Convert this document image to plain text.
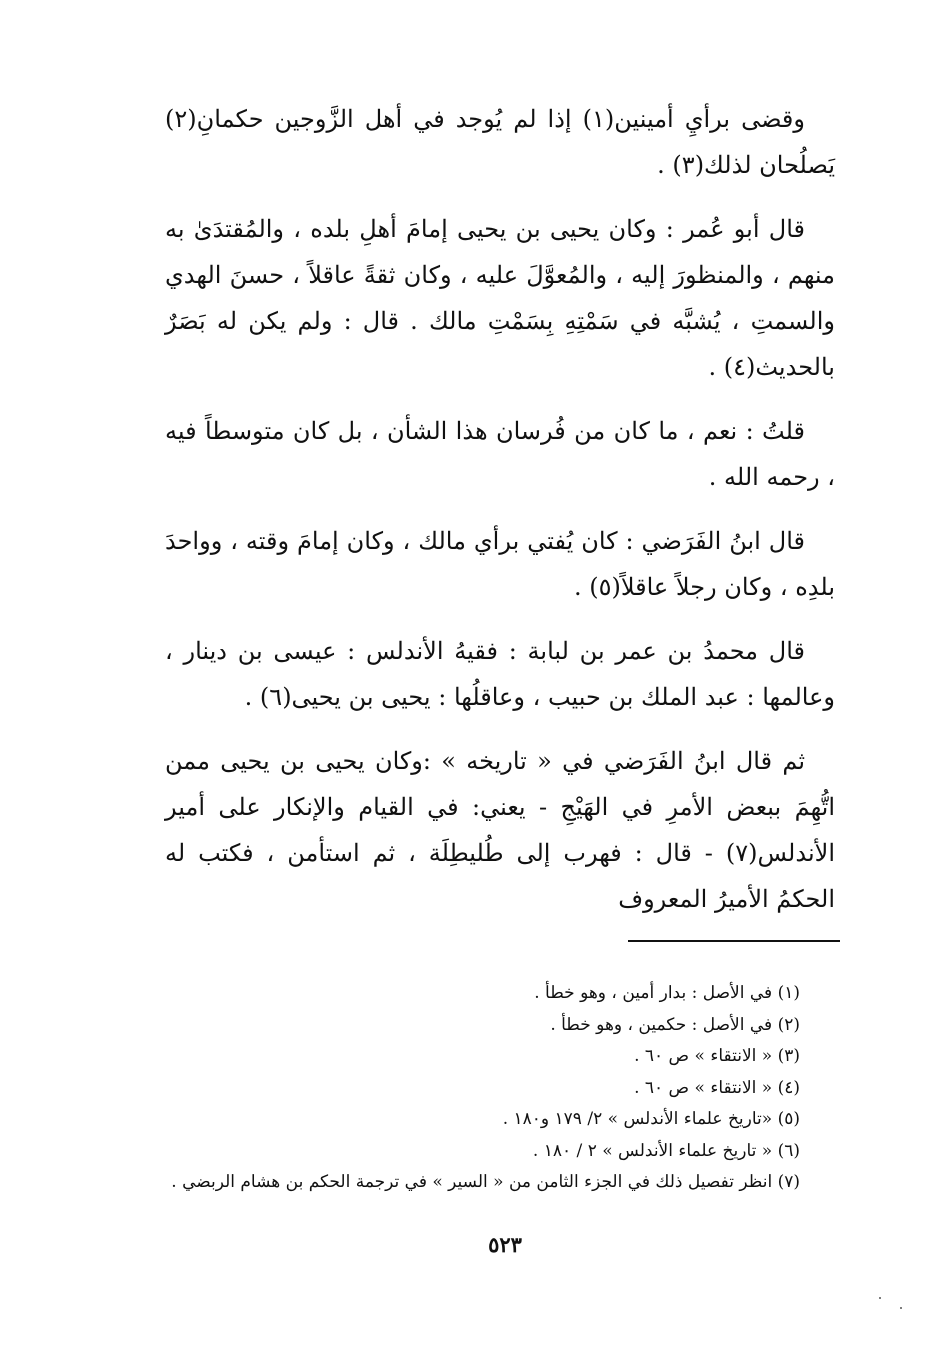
وقضى برأيِ أمينين(١) إذا لم يُوجد في أهل الزَّوجين حكمانِ(٢) يَصلُحان لذلك(٣) .

قال أبو عُمر : وكان يحيى بن يحيى إمامَ أهلِ بلده ، والمُقتدَىٰ به منهم ، والمنظورَ إليه ، والمُعوَّلَ عليه ، وكان ثقةً عاقلاً ، حسنَ الهدي والسمتِ ، يُشبَّه في سَمْتِهِ بِسَمْتِ مالك . قال : ولم يكن له بَصَرٌ بالحديث(٤) .

قلتُ : نعم ، ما كان من فُرسان هذا الشأن ، بل كان متوسطاً فيه ، رحمه الله .

قال ابنُ الفَرَضي : كان يُفتي برأي مالك ، وكان إمامَ وقته ، وواحدَ بلدِه ، وكان رجلاً عاقلاً(٥) .

قال محمدُ بن عمر بن لبابة : فقيهُ الأندلس : عيسى بن دينار ، وعالمها : عبد الملك بن حبيب ، وعاقلُها : يحيى بن يحيى(٦) .

ثم قال ابنُ الفَرَضي في « تاريخه » :وكان يحيى بن يحيى ممن اتُّهِمَ ببعض الأمرِ في الهَيْجِ - يعني: في القيام والإنكار على أمير الأندلس(٧) - قال : فهرب إلى طُليطِلَة ، ثم استأمن ، فكتب له الحكمُ الأميرُ المعروف

(١) في الأصل : بدار أمين ، وهو خطأ .

(٢) في الأصل : حكمين ، وهو خطأ .

(٣) « الانتقاء » ص ٦٠ .

(٤) « الانتقاء » ص ٦٠ .

(٥) «تاريخ علماء الأندلس » ٢/ ١٧٩ و١٨٠ .

(٦) « تاريخ علماء الأندلس » ٢ / ١٨٠ .

(٧) انظر تفصيل ذلك في الجزء الثامن من « السير » في ترجمة الحكم بن هشام الربضي .

٥٢٣
